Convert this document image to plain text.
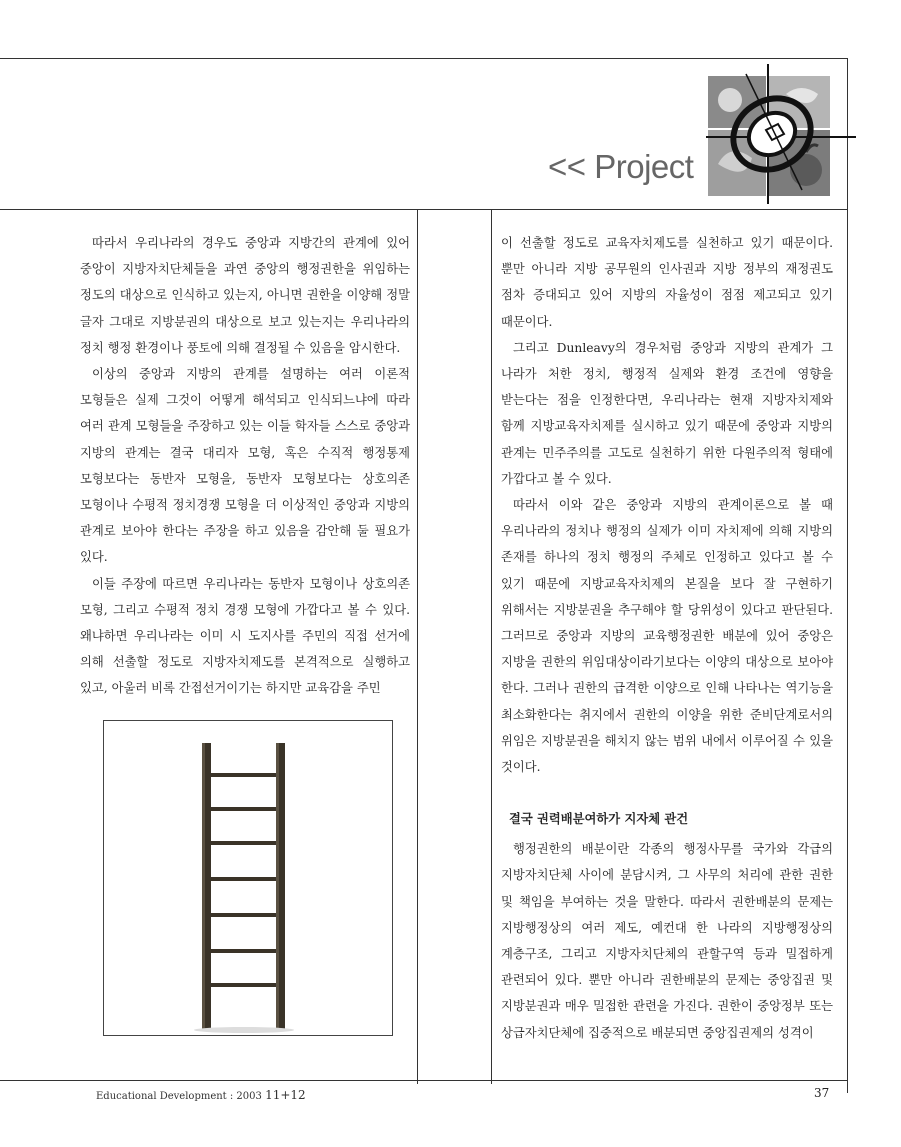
<< Project

따라서 우리나라의 경우도 중앙과 지방간의 관계에 있어 중앙이 지방자치단체들을 과연 중앙의 행정권한을 위임하는 정도의 대상으로 인식하고 있는지, 아니면 권한을 이양해 정말 글자 그대로 지방분권의 대상으로 보고 있는지는 우리나라의 정치 행정 환경이나 풍토에 의해 결정될 수 있음을 암시한다.

이상의 중앙과 지방의 관계를 설명하는 여러 이론적 모형들은 실제 그것이 어떻게 해석되고 인식되느냐에 따라 여러 관계 모형들을 주장하고 있는 이들 학자들 스스로 중앙과 지방의 관계는 결국 대리자 모형, 혹은 수직적 행정통제 모형보다는 동반자 모형을, 동반자 모형보다는 상호의존 모형이나 수평적 정치경쟁 모형을 더 이상적인 중앙과 지방의 관계로 보아야 한다는 주장을 하고 있음을 감안해 둘 필요가 있다.

이들 주장에 따르면 우리나라는 동반자 모형이나 상호의존 모형, 그리고 수평적 정치 경쟁 모형에 가깝다고 볼 수 있다. 왜냐하면 우리나라는 이미 시 도지사를 주민의 직접 선거에 의해 선출할 정도로 지방자치제도를 본격적으로 실행하고 있고, 아울러 비록 간접선거이기는 하지만 교육감을 주민

이 선출할 정도로 교육자치제도를 실천하고 있기 때문이다. 뿐만 아니라 지방 공무원의 인사권과 지방 정부의 재정권도 점차 증대되고 있어 지방의 자율성이 점점 제고되고 있기 때문이다.

그리고 Dunleavy의 경우처럼 중앙과 지방의 관계가 그 나라가 처한 정치, 행정적 실제와 환경 조건에 영향을 받는다는 점을 인정한다면, 우리나라는 현재 지방자치제와 함께 지방교육자치제를 실시하고 있기 때문에 중앙과 지방의 관계는 민주주의를 고도로 실천하기 위한 다원주의적 형태에 가깝다고 볼 수 있다.

따라서 이와 같은 중앙과 지방의 관계이론으로 볼 때 우리나라의 정치나 행정의 실제가 이미 자치제에 의해 지방의 존재를 하나의 정치 행정의 주체로 인정하고 있다고 볼 수 있기 때문에 지방교육자치제의 본질을 보다 잘 구현하기 위해서는 지방분권을 추구해야 할 당위성이 있다고 판단된다. 그러므로 중앙과 지방의 교육행정권한 배분에 있어 중앙은 지방을 권한의 위임대상이라기보다는 이양의 대상으로 보아야 한다. 그러나 권한의 급격한 이양으로 인해 나타나는 역기능을 최소화한다는 취지에서 권한의 이양을 위한 준비단계로서의 위임은 지방분권을 해치지 않는 범위 내에서 이루어질 수 있을 것이다.

결국 권력배분여하가 지자체 관건

행정권한의 배분이란 각종의 행정사무를 국가와 각급의 지방자치단체 사이에 분담시켜, 그 사무의 처리에 관한 권한 및 책임을 부여하는 것을 말한다. 따라서 권한배분의 문제는 지방행정상의 여러 제도, 예컨대 한 나라의 지방행정상의 계층구조, 그리고 지방자치단체의 관할구역 등과 밀접하게 관련되어 있다. 뿐만 아니라 권한배분의 문제는 중앙집권 및 지방분권과 매우 밀접한 관련을 가진다. 권한이 중앙정부 또는 상급자치단체에 집중적으로 배분되면 중앙집권제의 성격이

Educational Development : 2003 11+12	37
